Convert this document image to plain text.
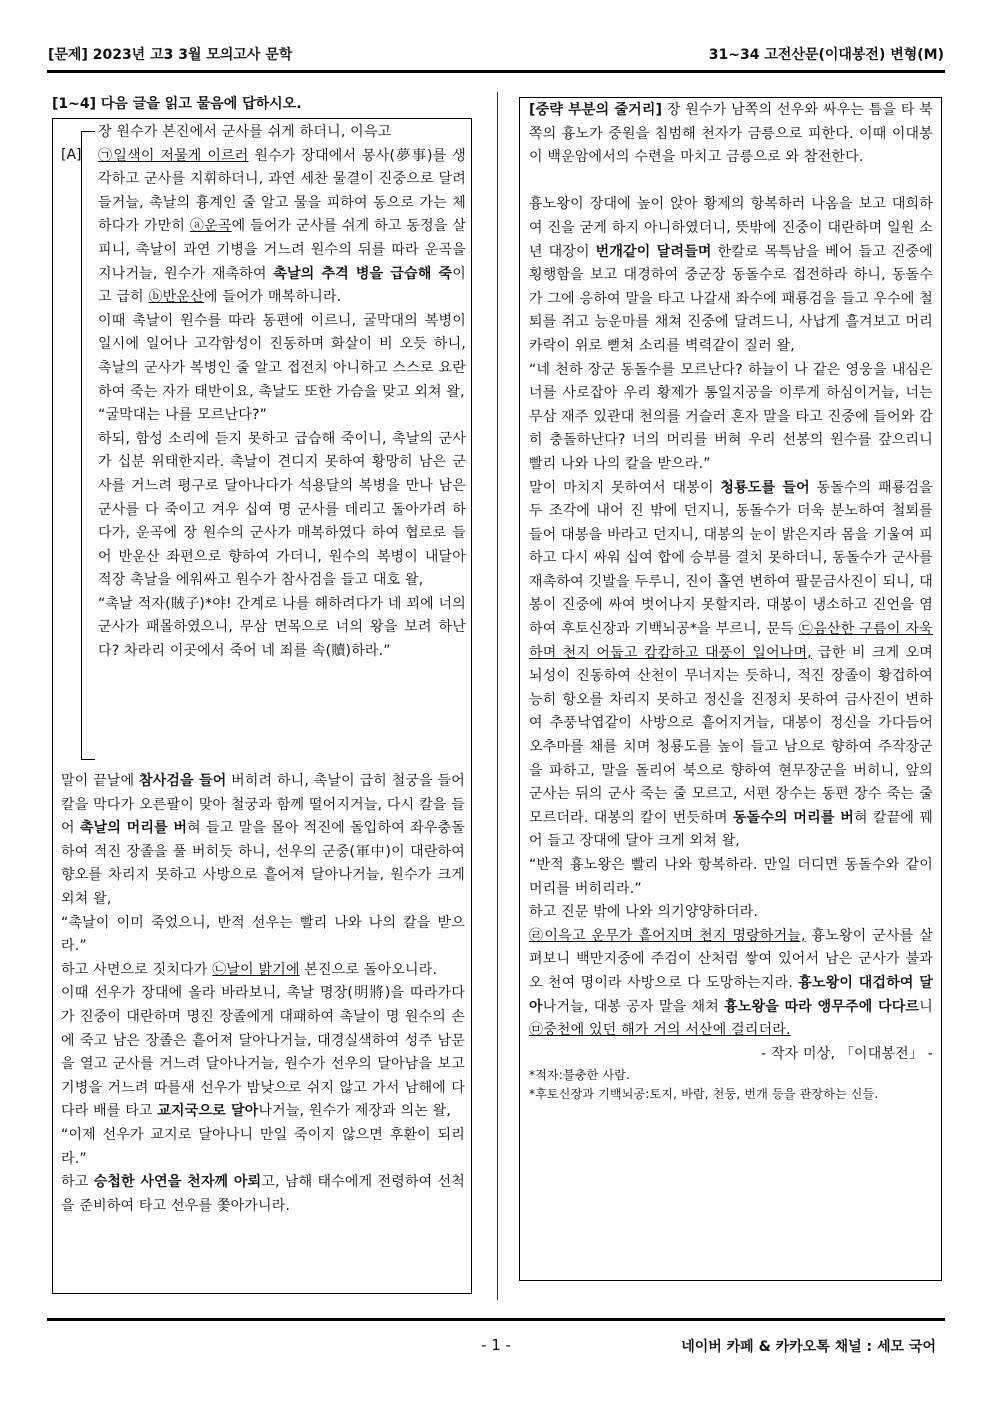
[문제] 2023년 고3 3월 모의고사 문학	31~34 고전산문(이대봉전) 변형(M)
[1~4] 다음 글을 읽고 물음에 답하시오.
[A]

장 원수가 본진에서 군사를 쉬게 하더니, 이윽고

㉠일색이 저물게 이르러 원수가 장대에서 몽사(夢事)를 생각하고 군사를 지휘하더니, 과연 세찬 물결이 진중으로 달려들거늘, 촉날의 흉계인 줄 알고 물을 피하여 동으로 가는 체하다가 가만히 ⓐ운곡에 들어가 군사를 쉬게 하고 동정을 살피니, 촉날이 과연 기병을 거느려 원수의 뒤를 따라 운곡을 지나거늘, 원수가 재촉하여 촉날의 추격 병을 급습해 죽이고 급히 ⓑ반운산에 들어가 매복하니라.

이때 촉날이 원수를 따라 동편에 이르니, 굴막대의 복병이 일시에 일어나 고각함성이 진동하며 화살이 비 오듯 하니, 촉날의 군사가 복병인 줄 알고 접전치 아니하고 스스로 요란하여 죽는 자가 태반이요, 촉날도 또한 가슴을 맞고 외쳐 왈,

“굴막대는 나를 모르난다?”

하되, 함성 소리에 듣지 못하고 급습해 죽이니, 촉날의 군사가 십분 위태한지라. 촉날이 견디지 못하여 황망히 남은 군사를 거느려 평구로 달아나다가 석용달의 복병을 만나 남은 군사를 다 죽이고 겨우 십여 명 군사를 데리고 돌아가려 하다가, 운곡에 장 원수의 군사가 매복하였다 하여 협로로 들어 반운산 좌편으로 향하여 가더니, 원수의 복병이 내달아 적장 촉날을 에워싸고 원수가 참사검을 들고 대호 왈,

“촉날 적자(賊子)*야! 간계로 나를 해하려다가 네 꾀에 너의 군사가 패몰하였으니, 무삼 면목으로 너의 왕을 보려 하난다? 차라리 이곳에서 죽어 네 죄를 속(贖)하라.”

말이 끝날에 참사검을 들어 버히려 하니, 촉날이 급히 철궁을 들어 칼을 막다가 오른팔이 맞아 철궁과 함께 떨어지거늘, 다시 칼을 들어 촉날의 머리를 버혀 들고 말을 몰아 적진에 돌입하여 좌우충돌하여 적진 장졸을 풀 버히듯 하니, 선우의 군중(軍中)이 대란하여 향오를 차리지 못하고 사방으로 흩어져 달아나거늘, 원수가 크게 외쳐 왈,

“촉날이 이미 죽었으니, 반적 선우는 빨리 나와 나의 칼을 받으라.”

하고 사면으로 짓치다가 ㉡날이 밝기에 본진으로 돌아오니라.

이때 선우가 장대에 올라 바라보니, 촉날 명장(明將)을 따라가다가 진중이 대란하며 명진 장졸에게 대패하여 촉날이 명 원수의 손에 죽고 남은 장졸은 흩어져 달아나거늘, 대경실색하여 성주 남문을 열고 군사를 거느려 달아나거늘, 원수가 선우의 달아남을 보고 기병을 거느려 따를새 선우가 밤낮으로 쉬지 않고 가서 남해에 다다라 배를 타고 교지국으로 달아나거늘, 원수가 제장과 의논 왈,

“이제 선우가 교지로 달아나니 만일 죽이지 않으면 후환이 되리라.”

하고 승첩한 사연을 천자께 아뢰고, 남해 태수에게 전령하여 선척을 준비하여 타고 선우를 쫓아가니라.

[중략 부분의 줄거리] 장 원수가 남쪽의 선우와 싸우는 틈을 타 북쪽의 흉노가 중원을 침범해 천자가 금릉으로 피한다. 이때 이대봉이 백운암에서의 수련을 마치고 금릉으로 와 참전한다.

흉노왕이 장대에 높이 앉아 황제의 항복하러 나옴을 보고 대희하여 진을 굳게 하지 아니하였더니, 뜻밖에 진중이 대란하며 일원 소년 대장이 번개같이 달려들며 한칼로 목특남을 베어 들고 진중에 횡행함을 보고 대경하여 중군장 동돌수로 접전하라 하니, 동돌수가 그에 응하여 말을 타고 나갈새 좌수에 패룡검을 들고 우수에 철퇴를 쥐고 능운마를 채쳐 진중에 달려드니, 사납게 흘겨보고 머리카락이 위로 뻗쳐 소리를 벽력같이 질러 왈,

“네 천하 장군 동돌수를 모르난다? 하늘이 나 같은 영웅을 내심은 너를 사로잡아 우리 황제가 통일지공을 이루게 하심이거늘, 너는 무삼 재주 있관대 천의를 거슬러 혼자 말을 타고 진중에 들어와 감히 충돌하난다? 너의 머리를 버혀 우리 선봉의 원수를 갚으리니 빨리 나와 나의 칼을 받으라.”

말이 마치지 못하여서 대봉이 청룡도를 들어 동돌수의 패룡검을 두 조각에 내어 진 밖에 던지니, 동돌수가 더욱 분노하여 철퇴를 들어 대봉을 바라고 던지니, 대봉의 눈이 밝은지라 몸을 기울여 피하고 다시 싸워 십여 합에 승부를 결치 못하더니, 동돌수가 군사를 재촉하여 깃발을 두루니, 진이 홀연 변하여 팔문금사진이 되니, 대봉이 진중에 싸여 벗어나지 못할지라. 대봉이 냉소하고 진언을 염하여 후토신장과 기백뇌공*을 부르니, 문득 ㉢음산한 구름이 자욱하며 천지 어둡고 캄캄하고 대풍이 일어나며, 급한 비 크게 오며 뇌성이 진동하여 산천이 무너지는 듯하니, 적진 장졸이 황겁하여 능히 항오를 차리지 못하고 정신을 진정치 못하여 금사진이 변하여 추풍낙엽같이 사방으로 흩어지거늘, 대봉이 정신을 가다듬어 오추마를 채를 치며 청룡도를 높이 들고 남으로 향하여 주작장군을 파하고, 말을 돌리어 북으로 향하여 현무장군을 버히니, 앞의 군사는 뒤의 군사 죽는 줄 모르고, 서편 장수는 동편 장수 죽는 줄 모르더라. 대봉의 칼이 번듯하며 동돌수의 머리를 버혀 칼끝에 꿰어 들고 장대에 달아 크게 외쳐 왈,

“반적 흉노왕은 빨리 나와 항복하라. 만일 더디면 동돌수와 같이 머리를 버히리라.”

하고 진문 밖에 나와 의기양양하더라.

㉣이윽고 운무가 흩어지며 천지 명랑하거늘, 흉노왕이 군사를 살펴보니 백만지중에 주검이 산처럼 쌓여 있어서 남은 군사가 불과 오 천여 명이라 사방으로 다 도망하는지라. 흉노왕이 대겁하여 달아나거늘, 대봉 공자 말을 채쳐 흉노왕을 따라 앵무주에 다다르니 ㉤중천에 있던 해가 거의 서산에 걸리더라.

- 작자 미상, 「이대봉전」 -

*적자:불충한 사람.

*후토신장과 기백뇌공:토지, 바람, 천둥, 번개 등을 관장하는 신들.

- 1 -	네이버 카페 & 카카오톡 채널 : 세모 국어
